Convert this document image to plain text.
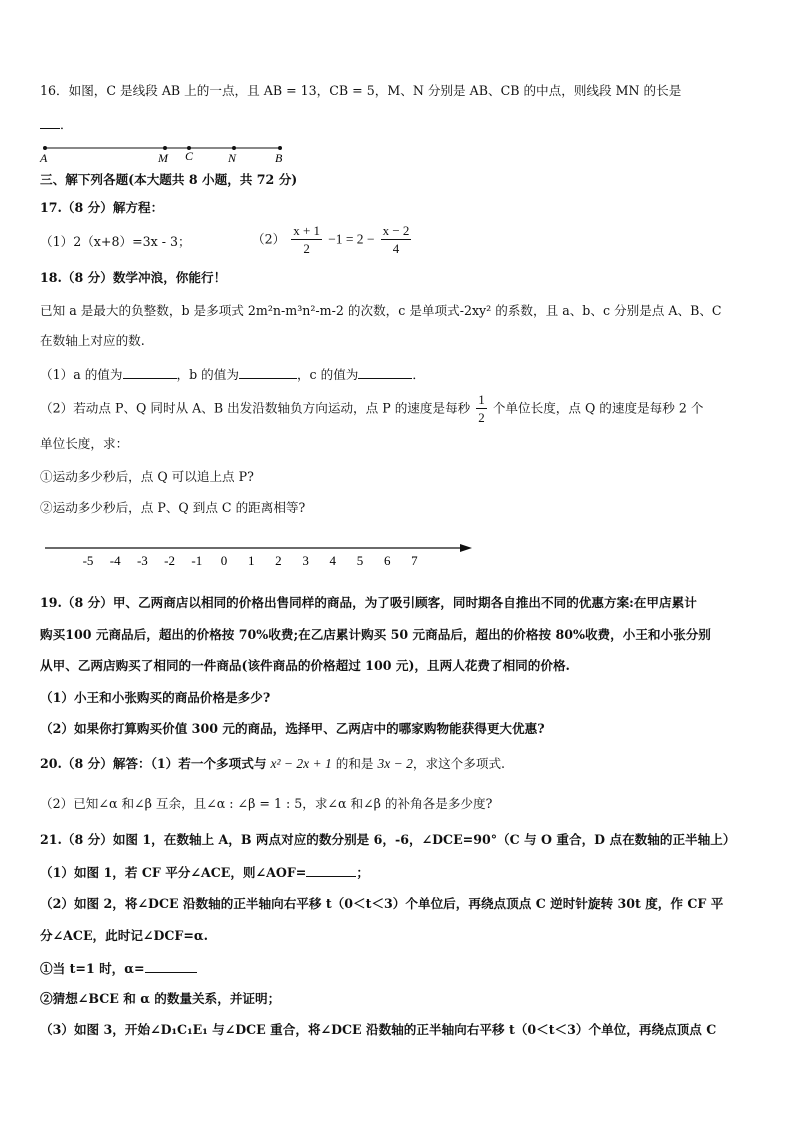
16．如图，C 是线段 AB 上的一点，且 AB = 13，CB = 5，M、N 分别是 AB、CB 的中点，则线段 MN 的长是
．
A	M C	N	B
三、解下列各题(本大题共 8 小题，共 72 分)
17.（8 分）解方程：
（1）2（x+8）=3x - 3；	$(2) \frac{x + 1}{2} -1 = 2 - \frac{x - 2}{4}$
18.（8 分）数学冲浪，你能行！
已知 a 是最大的负整数，b 是多项式 2m²n-m³n²-m-2 的次数，c 是单项式-2xy² 的系数，且 a、b、c 分别是点 A、B、C
在数轴上对应的数.
（1）a 的值为	，b 的值为	，c 的值为	．
（2）若动点 P、Q 同时从 A、B 出发沿数轴负方向运动，点 P 的速度是每秒 $\frac{1}{2}$ 个单位长度，点 Q 的速度是每秒 2 个
单位长度，求：
①运动多少秒后，点 Q 可以追上点 P?
②运动多少秒后，点 P、Q 到点 C 的距离相等?
-5 -4 -3 -2 -1 0 1 2 3 4 5 6 7
19.（8 分）甲、乙两商店以相同的价格出售同样的商品，为了吸引顾客，同时期各自推出不同的优惠方案:在甲店累计
购买100 元商品后，超出的价格按 70%收费;在乙店累计购买 50 元商品后，超出的价格按 80%收费，小王和小张分别
从甲、乙两店购买了相同的一件商品(该件商品的价格超过 100 元)，且两人花费了相同的价格.
（1）小王和小张购买的商品价格是多少?
（2）如果你打算购买价值 300 元的商品，选择甲、乙两店中的哪家购物能获得更大优惠?
20.（8 分）解答：（1）若一个多项式与 x² − 2x + 1 的和是 3x − 2，求这个多项式.
（2）已知∠α 和∠β 互余，且∠α : ∠β = 1 : 5，求∠α 和∠β 的补角各是多少度?
21.（8 分）如图 1，在数轴上 A，B 两点对应的数分别是 6，-6，∠DCE=90°（C 与 O 重合，D 点在数轴的正半轴上）
（1）如图 1，若 CF 平分∠ACE，则∠AOF=	；
（2）如图 2，将∠DCE 沿数轴的正半轴向右平移 t（0＜t＜3）个单位后，再绕点顶点 C 逆时针旋转 30t 度，作 CF 平
分∠ACE，此时记∠DCF=α.
①当 t=1 时，α=
②猜想∠BCE 和 α 的数量关系，并证明；
（3）如图 3，开始∠D₁C₁E₁ 与∠DCE 重合，将∠DCE 沿数轴的正半轴向右平移 t（0＜t＜3）个单位，再绕点顶点 C
